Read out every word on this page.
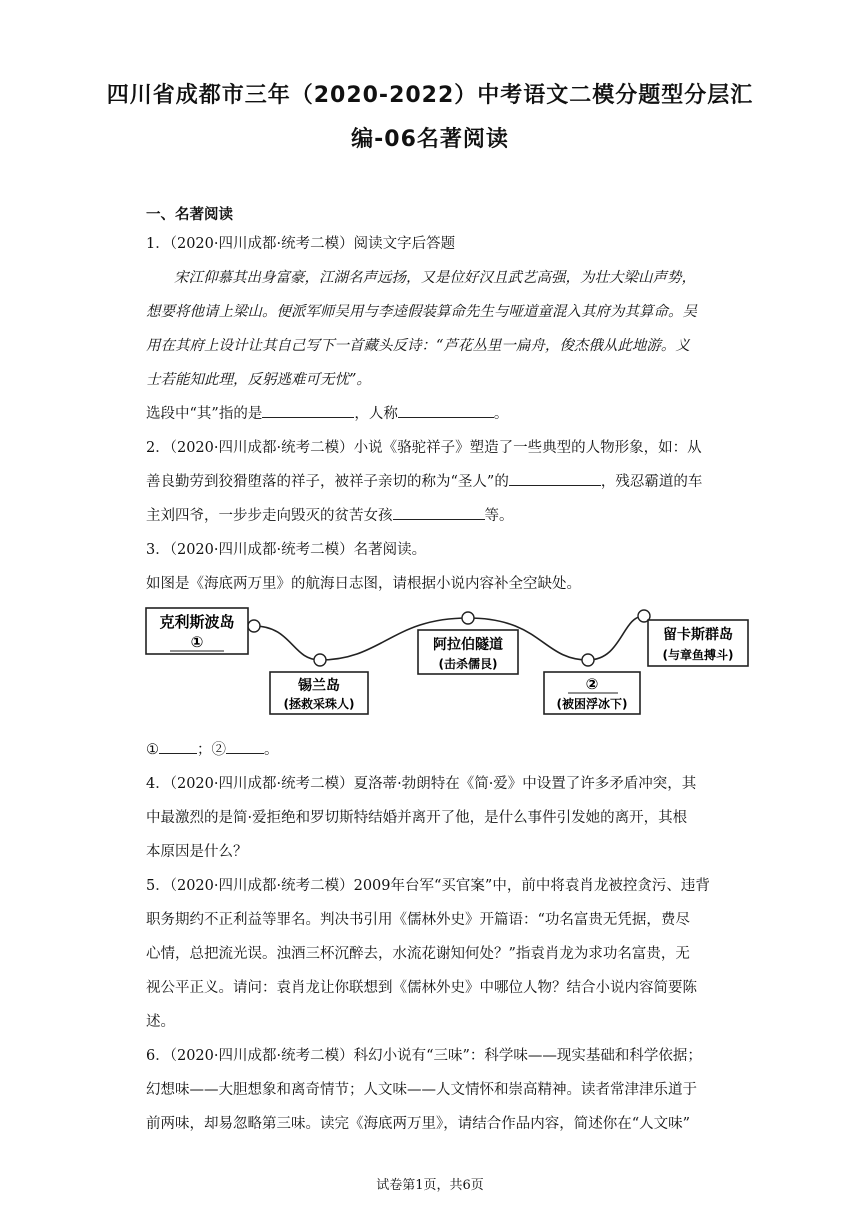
四川省成都市三年（2020-2022）中考语文二模分题型分层汇
编-06名著阅读
一、名著阅读
1．（2020·四川成都·统考二模）阅读文字后答题
宋江仰慕其出身富豪，江湖名声远扬，又是位好汉且武艺高强，为壮大梁山声势，
想要将他请上梁山。便派军师吴用与李逵假装算命先生与哑道童混入其府为其算命。吴
用在其府上设计让其自己写下一首藏头反诗：“芦花丛里一扁舟，俊杰俄从此地游。义
士若能知此理，反躬逃难可无忧”。
选段中“其”指的是	，人称	。
2．（2020·四川成都·统考二模）小说《骆驼祥子》塑造了一些典型的人物形象，如：从
善良勤劳到狡猾堕落的祥子，被祥子亲切的称为“圣人”的	，残忍霸道的车
主刘四爷，一步步走向毁灭的贫苦女孩	等。
3．（2020·四川成都·统考二模）名著阅读。
如图是《海底两万里》的航海日志图，请根据小说内容补全空缺处。
克利斯波岛
①
锡兰岛
(拯救采珠人)
阿拉伯隧道
(击杀儒艮)
②
(被困浮冰下)
留卡斯群岛
(与章鱼搏斗)
①	；②	。
4．（2020·四川成都·统考二模）夏洛蒂·勃朗特在《简·爱》中设置了许多矛盾冲突，其
中最激烈的是简·爱拒绝和罗切斯特结婚并离开了他，是什么事件引发她的离开，其根
本原因是什么？
5．（2020·四川成都·统考二模）2009年台军“买官案”中，前中将袁肖龙被控贪污、违背
职务期约不正利益等罪名。判决书引用《儒林外史》开篇语：“功名富贵无凭据，费尽
心情，总把流光误。浊酒三杯沉醉去，水流花谢知何处？”指袁肖龙为求功名富贵，无
视公平正义。请问：袁肖龙让你联想到《儒林外史》中哪位人物？结合小说内容简要陈
述。
6．（2020·四川成都·统考二模）科幻小说有“三味”：科学味——现实基础和科学依据；
幻想味——大胆想象和离奇情节；人文味——人文情怀和崇高精神。读者常津津乐道于
前两味，却易忽略第三味。读完《海底两万里》，请结合作品内容，简述你在“人文味”
试卷第1页，共6页
